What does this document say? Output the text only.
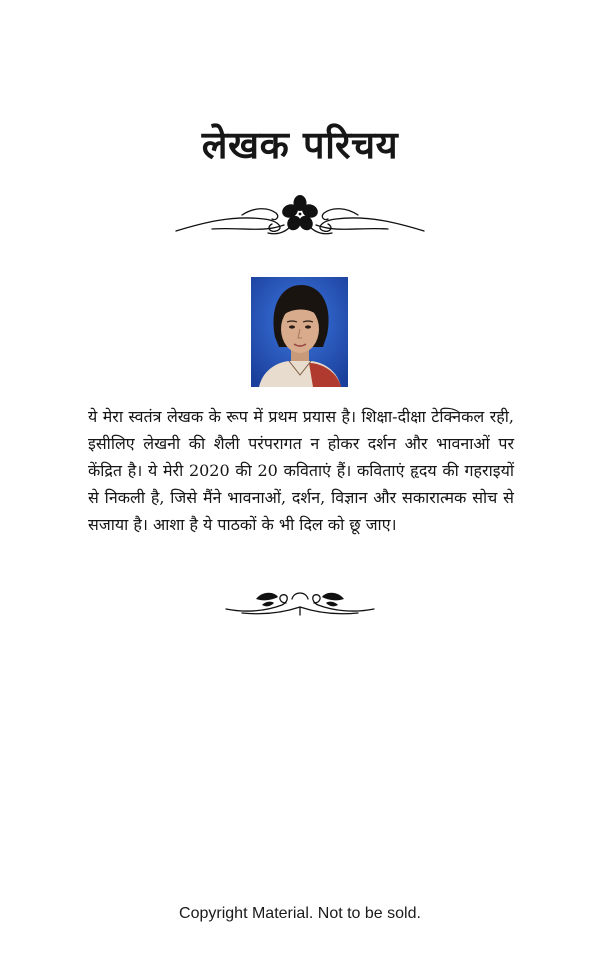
लेखक परिचय

ये मेरा स्वतंत्र लेखक के रूप में प्रथम प्रयास है। शिक्षा-दीक्षा टेक्निकल रही, इसीलिए लेखनी की शैली परंपरागत न होकर दर्शन और भावनाओं पर केंद्रित है। ये मेरी 2020 की 20 कविताएं हैं। कविताएं हृदय की गहराइयों से निकली है, जिसे मैंने भावनाओं, दर्शन, विज्ञान और सकारात्मक सोच से सजाया है। आशा है ये पाठकों के भी दिल को छू जाए।

Copyright Material. Not to be sold.
